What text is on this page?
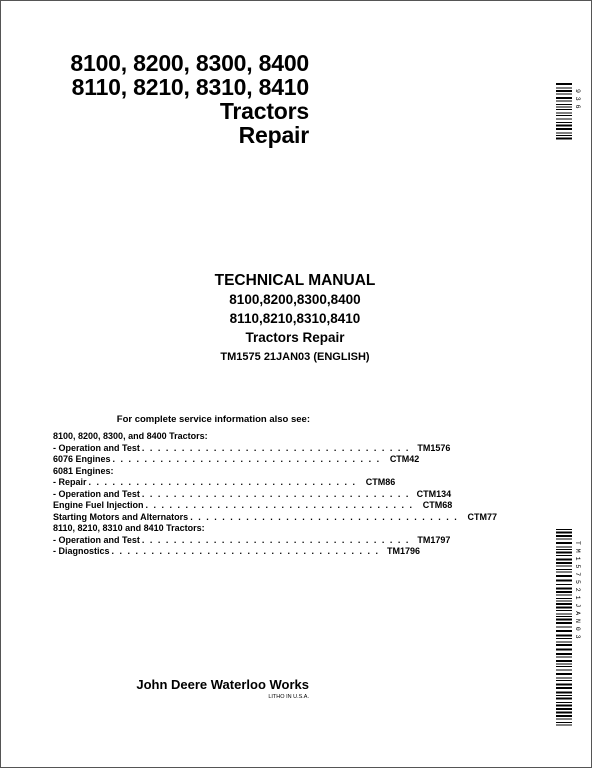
8100, 8200, 8300, 8400
8110, 8210, 8310, 8410
Tractors
Repair
9 3 6
TECHNICAL MANUAL
8100,8200,8300,8400
8110,8210,8310,8410
Tractors Repair
TM1575 21JAN03 (ENGLISH)
For complete service information also see:
8100, 8200, 8300, and 8400 Tractors:
- Operation and Test . . . . . . . . . . . . . . . . . . . . . . . . . . . . . . . . . . TM1576
6076 Engines . . . . . . . . . . . . . . . . . . . . . . . . . . . . . . . . . .	CTM42
6081 Engines:
- Repair . . . . . . . . . . . . . . . . . . . . . . . . . . . . . . . . . .	CTM86
- Operation and Test . . . . . . . . . . . . . . . . . . . . . . . . . . . . . . . . . . CTM134
Engine Fuel Injection . . . . . . . . . . . . . . . . . . . . . . . . . . . . . . . . . .	CTM68
Starting Motors and Alternators . . . . . . . . . . . . . . . . . . . . . . . . . . . . . . . . . .	CTM77
8110, 8210, 8310 and 8410 Tractors:
- Operation and Test . . . . . . . . . . . . . . . . . . . . . . . . . . . . . . . . . . TM1797
- Diagnostics . . . . . . . . . . . . . . . . . . . . . . . . . . . . . . . . . . TM1796	T M 1 5 7 5 2 1 J A N 0 3
John Deere Waterloo Works
LITHO IN U.S.A.
